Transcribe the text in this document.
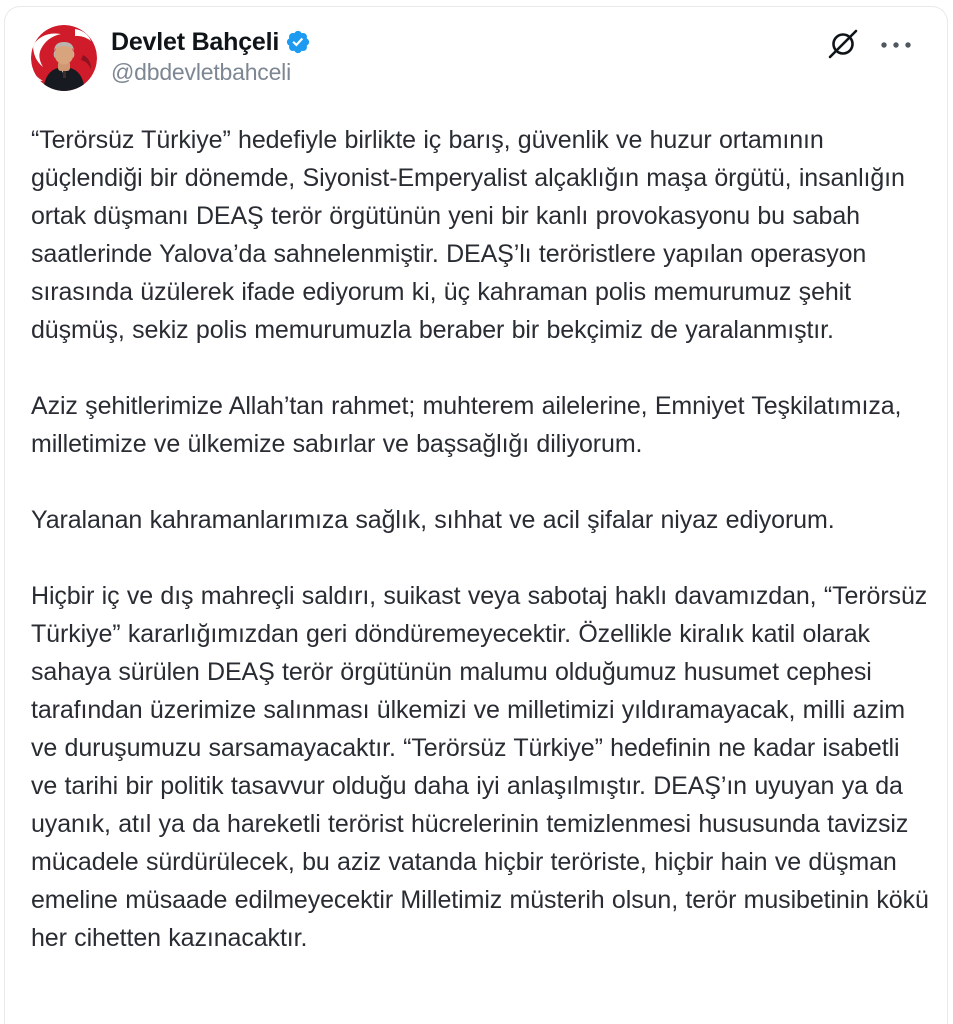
Devlet Bahçeli
@dbdevletbahceli

“Terörsüz Türkiye” hedefiyle birlikte iç barış, güvenlik ve huzur ortamının güçlendiği bir dönemde, Siyonist-Emperyalist alçaklığın maşa örgütü, insanlığın ortak düşmanı DEAŞ terör örgütünün yeni bir kanlı provokasyonu bu sabah saatlerinde Yalova’da sahnelenmiştir. DEAŞ’lı teröristlere yapılan operasyon sırasında üzülerek ifade ediyorum ki, üç kahraman polis memurumuz şehit düşmüş, sekiz polis memurumuzla beraber bir bekçimiz de yaralanmıştır.

Aziz şehitlerimize Allah’tan rahmet; muhterem ailelerine, Emniyet Teşkilatımıza, milletimize ve ülkemize sabırlar ve başsağlığı diliyorum.

Yaralanan kahramanlarımıza sağlık, sıhhat ve acil şifalar niyaz ediyorum.

Hiçbir iç ve dış mahreçli saldırı, suikast veya sabotaj haklı davamızdan, “Terörsüz Türkiye” kararlığımızdan geri döndüremeyecektir. Özellikle kiralık katil olarak sahaya sürülen DEAŞ terör örgütünün malumu olduğumuz husumet cephesi tarafından üzerimize salınması ülkemizi ve milletimizi yıldıramayacak, milli azim ve duruşumuzu sarsamayacaktır. “Terörsüz Türkiye” hedefinin ne kadar isabetli ve tarihi bir politik tasavvur olduğu daha iyi anlaşılmıştır. DEAŞ’ın uyuyan ya da uyanık, atıl ya da hareketli terörist hücrelerinin temizlenmesi hususunda tavizsiz mücadele sürdürülecek, bu aziz vatanda hiçbir teröriste, hiçbir hain ve düşman emeline müsaade edilmeyecektir Milletimiz müsterih olsun, terör musibetinin kökü her cihetten kazınacaktır.
